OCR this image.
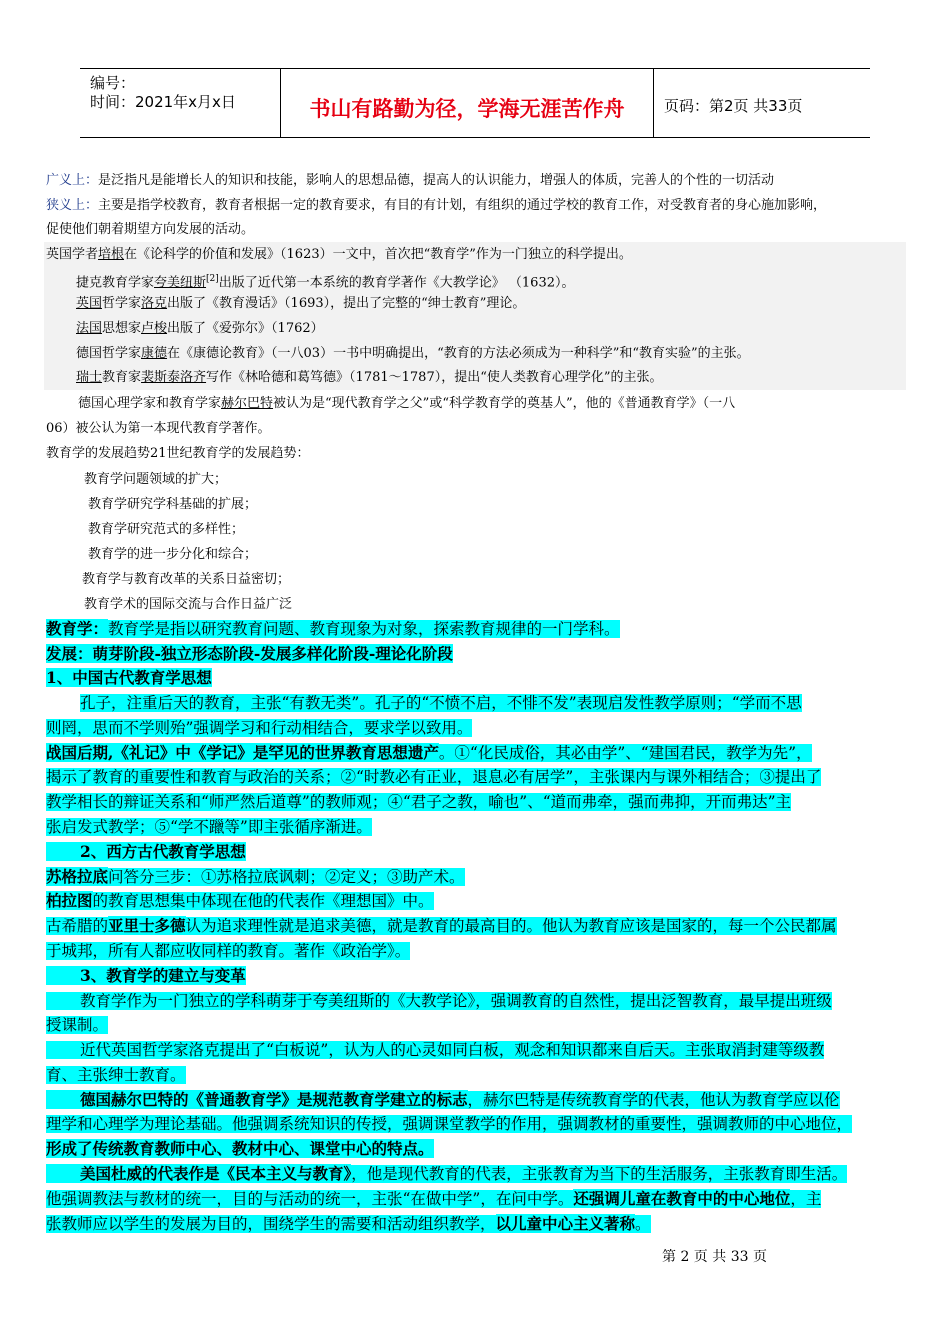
编号：
时间：2021年x月x日	书山有路勤为径，学海无涯苦作舟	页码：第2页 共33页
广义上：是泛指凡是能增长人的知识和技能，影响人的思想品德，提高人的认识能力，增强人的体质，完善人的个性的一切活动
狭义上：主要是指学校教育，教育者根据一定的教育要求，有目的有计划，有组织的通过学校的教育工作，对受教育者的身心施加影响，
促使他们朝着期望方向发展的活动。
英国学者培根在《论科学的价值和发展》（1623）一文中，首次把“教育学”作为一门独立的科学提出。
捷克教育学家夸美纽斯[2]出版了近代第一本系统的教育学著作《大教学论》 （1632）。
英国哲学家洛克出版了《教育漫话》（1693），提出了完整的“绅士教育”理论。
法国思想家卢梭出版了《爱弥尔》（1762）
德国哲学家康德在《康德论教育》（一八03）一书中明确提出，“教育的方法必须成为一种科学”和“教育实验”的主张。
瑞士教育家裴斯泰洛齐写作《林哈德和葛笃德》（1781～1787），提出“使人类教育心理学化”的主张。
德国心理学家和教育学家赫尔巴特被认为是“现代教育学之父”或“科学教育学的奠基人”，他的《普通教育学》（一八
06）被公认为第一本现代教育学著作。
教育学的发展趋势21世纪教育学的发展趋势：
教育学问题领域的扩大；
教育学研究学科基础的扩展；
教育学研究范式的多样性；
教育学的进一步分化和综合；
教育学与教育改革的关系日益密切；
教育学术的国际交流与合作日益广泛
教育学：教育学是指以研究教育问题、教育现象为对象，探索教育规律的一门学科。
发展：萌芽阶段-独立形态阶段-发展多样化阶段-理论化阶段
1、中国古代教育学思想
孔子，注重后天的教育，主张“有教无类”。孔子的“不愤不启，不悱不发”表现启发性教学原则；“学而不思
则罔，思而不学则殆”强调学习和行动相结合，要求学以致用。
战国后期,《礼记》中《学记》是罕见的世界教育思想遗产。①“化民成俗，其必由学”、“建国君民，教学为先”，
揭示了教育的重要性和教育与政治的关系；②“时教必有正业，退息必有居学”，主张课内与课外相结合；③提出了
教学相长的辩证关系和“师严然后道尊”的教师观；④“君子之教，喻也”、“道而弗牵，强而弗抑，开而弗达”主
张启发式教学；⑤“学不躐等”即主张循序渐进。
2、西方古代教育学思想
苏格拉底问答分三步：①苏格拉底讽刺；②定义；③助产术。
柏拉图的教育思想集中体现在他的代表作《理想国》中。
古希腊的亚里士多德认为追求理性就是追求美德，就是教育的最高目的。他认为教育应该是国家的，每一个公民都属
于城邦，所有人都应收同样的教育。著作《政治学》。
3、教育学的建立与变革
教育学作为一门独立的学科萌芽于夸美纽斯的《大教学论》，强调教育的自然性，提出泛智教育，最早提出班级
授课制。
近代英国哲学家洛克提出了“白板说”，认为人的心灵如同白板，观念和知识都来自后天。主张取消封建等级教
育、主张绅士教育。
德国赫尔巴特的《普通教育学》是规范教育学建立的标志，赫尔巴特是传统教育学的代表，他认为教育学应以伦
理学和心理学为理论基础。他强调系统知识的传授，强调课堂教学的作用，强调教材的重要性，强调教师的中心地位，
形成了传统教育教师中心、教材中心、课堂中心的特点。
美国杜威的代表作是《民本主义与教育》，他是现代教育的代表，主张教育为当下的生活服务，主张教育即生活。
他强调教法与教材的统一，目的与活动的统一，主张“在做中学”，在问中学。还强调儿童在教育中的中心地位，主
张教师应以学生的发展为目的，围绕学生的需要和活动组织教学，以儿童中心主义著称。
第 2 页 共 33 页
